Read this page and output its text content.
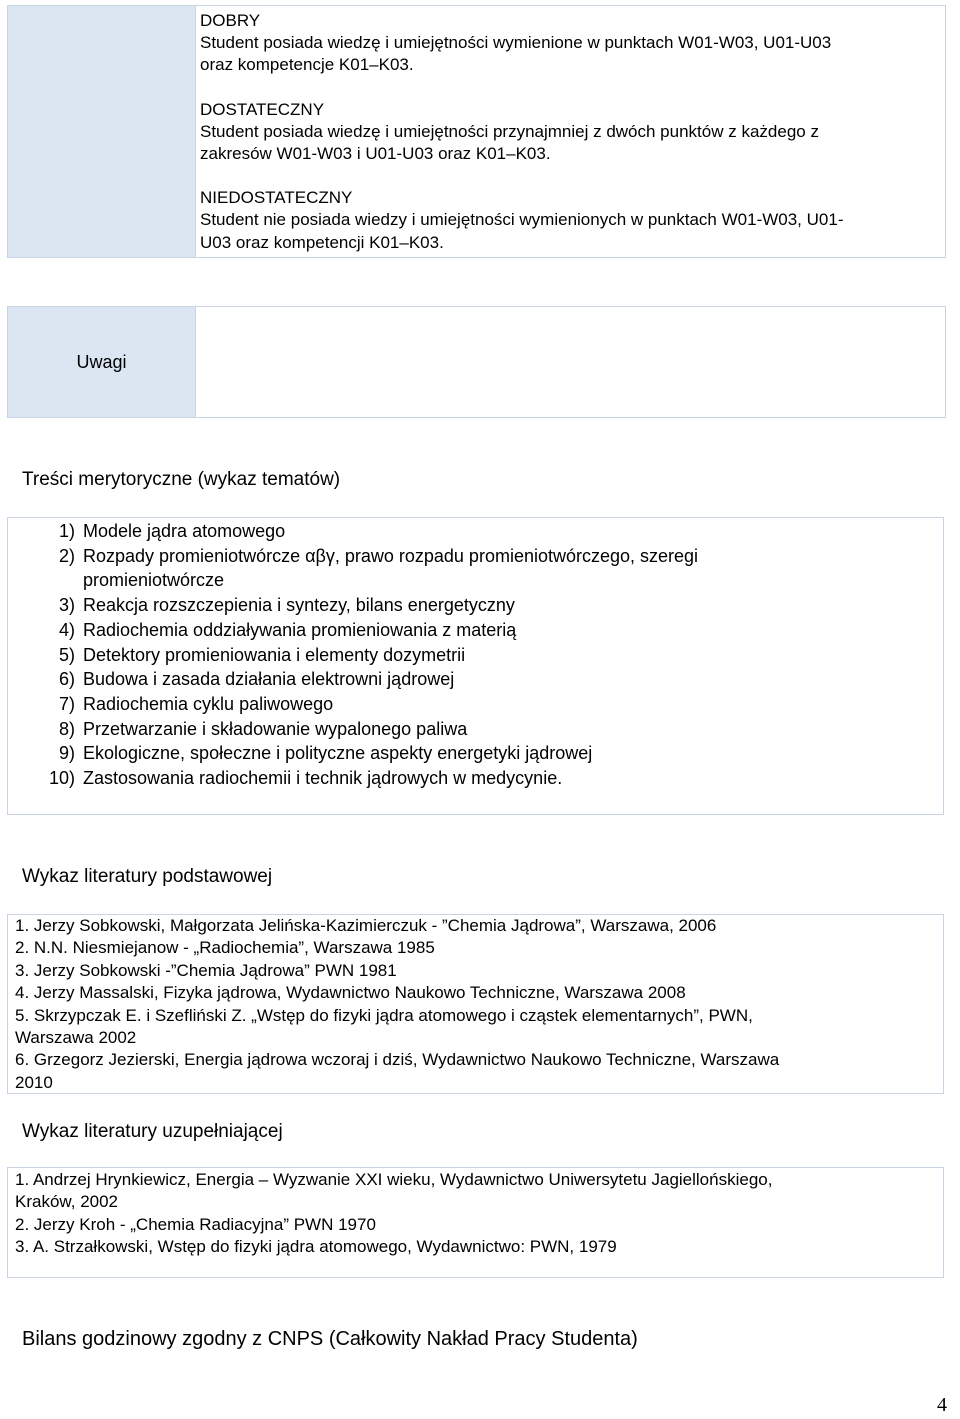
DOBRY

Student posiada wiedzę i umiejętności wymienione w punktach W01-W03, U01-U03

oraz kompetencje K01–K03.

DOSTATECZNY

Student posiada wiedzę i umiejętności przynajmniej z dwóch punktów z każdego z

zakresów W01-W03 i U01-U03 oraz K01–K03.

NIEDOSTATECZNY

Student nie posiada wiedzy i umiejętności wymienionych w punktach W01-W03, U01-

U03 oraz kompetencji K01–K03.

Uwagi
Treści merytoryczne (wykaz tematów)
1) Modele jądra atomowego
2) Rozpady promieniotwórcze αβγ, prawo rozpadu promieniotwórczego, szeregi
promieniotwórcze
3) Reakcja rozszczepienia i syntezy, bilans energetyczny
4) Radiochemia oddziaływania promieniowania z materią
5) Detektory promieniowania i elementy dozymetrii
6) Budowa i zasada działania elektrowni jądrowej
7) Radiochemia cyklu paliwowego
8) Przetwarzanie i składowanie wypalonego paliwa
9) Ekologiczne, społeczne i polityczne aspekty energetyki jądrowej
10) Zastosowania radiochemii i technik jądrowych w medycynie.
Wykaz literatury podstawowej

1. Jerzy Sobkowski, Małgorzata Jelińska-Kazimierczuk - ”Chemia Jądrowa”, Warszawa, 2006

2. N.N. Niesmiejanow - „Radiochemia”, Warszawa 1985

3. Jerzy Sobkowski -”Chemia Jądrowa” PWN 1981

4. Jerzy Massalski, Fizyka jądrowa, Wydawnictwo Naukowo Techniczne, Warszawa 2008

5. Skrzypczak E. i Szefliński Z. „Wstęp do fizyki jądra atomowego i cząstek elementarnych”, PWN,

Warszawa 2002

6. Grzegorz Jezierski, Energia jądrowa wczoraj i dziś, Wydawnictwo Naukowo Techniczne, Warszawa

2010

Wykaz literatury uzupełniającej

1. Andrzej Hrynkiewicz, Energia – Wyzwanie XXI wieku, Wydawnictwo Uniwersytetu Jagiellońskiego,

Kraków, 2002

2. Jerzy Kroh - „Chemia Radiacyjna” PWN 1970

3. A. Strzałkowski, Wstęp do fizyki jądra atomowego, Wydawnictwo: PWN, 1979

Bilans godzinowy zgodny z CNPS (Całkowity Nakład Pracy Studenta)
4
